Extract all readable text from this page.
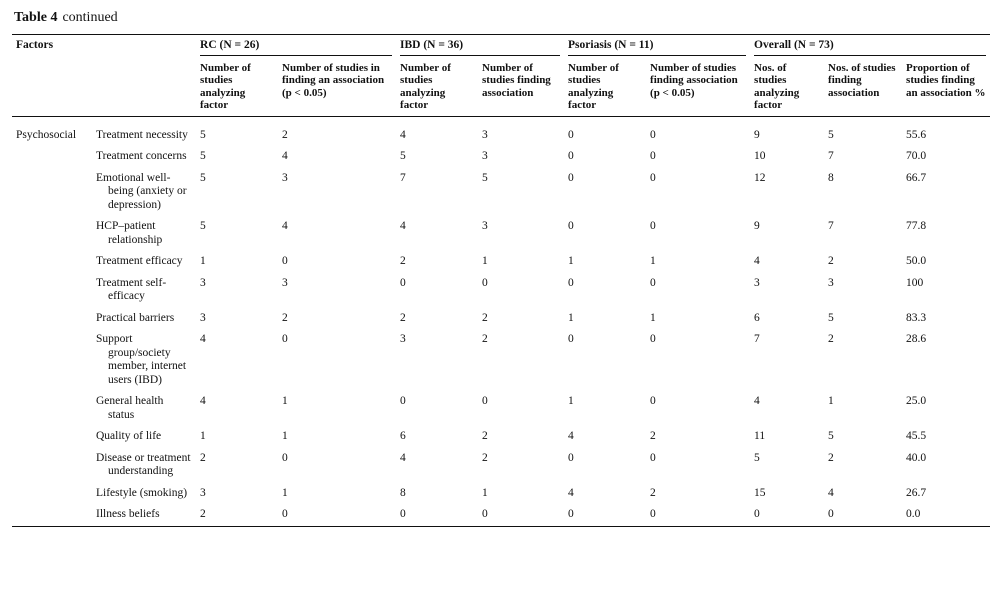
Table 4 continued
Factors		RC (N = 26)		IBD (N = 36)		Psoriasis (N = 11)		Overall (N = 73)		
		Number of studies analyzing factor	Number of studies in finding an association (p < 0.05)	Number of studies analyzing factor	Number of studies finding association	Number of studies analyzing factor	Number of studies finding association (p < 0.05)	Nos. of studies analyzing factor	Nos. of studies finding association	Proportion of studies finding an association %
Psychosocial	Treatment necessity	5	2	4	3	0	0	9	5	55.6
	Treatment concerns	5	4	5	3	0	0	10	7	70.0
	Emotional well-being (anxiety or depression)	5	3	7	5	0	0	12	8	66.7
	HCP–patient relationship	5	4	4	3	0	0	9	7	77.8
	Treatment efficacy	1	0	2	1	1	1	4	2	50.0
	Treatment self-efficacy	3	3	0	0	0	0	3	3	100
	Practical barriers	3	2	2	2	1	1	6	5	83.3
	Support group/society member, internet users (IBD)	4	0	3	2	0	0	7	2	28.6
	General health status	4	1	0	0	1	0	4	1	25.0
	Quality of life	1	1	6	2	4	2	11	5	45.5
	Disease or treatment understanding	2	0	4	2	0	0	5	2	40.0
	Lifestyle (smoking)	3	1	8	1	4	2	15	4	26.7
	Illness beliefs	2	0	0	0	0	0	0	0	0.0
